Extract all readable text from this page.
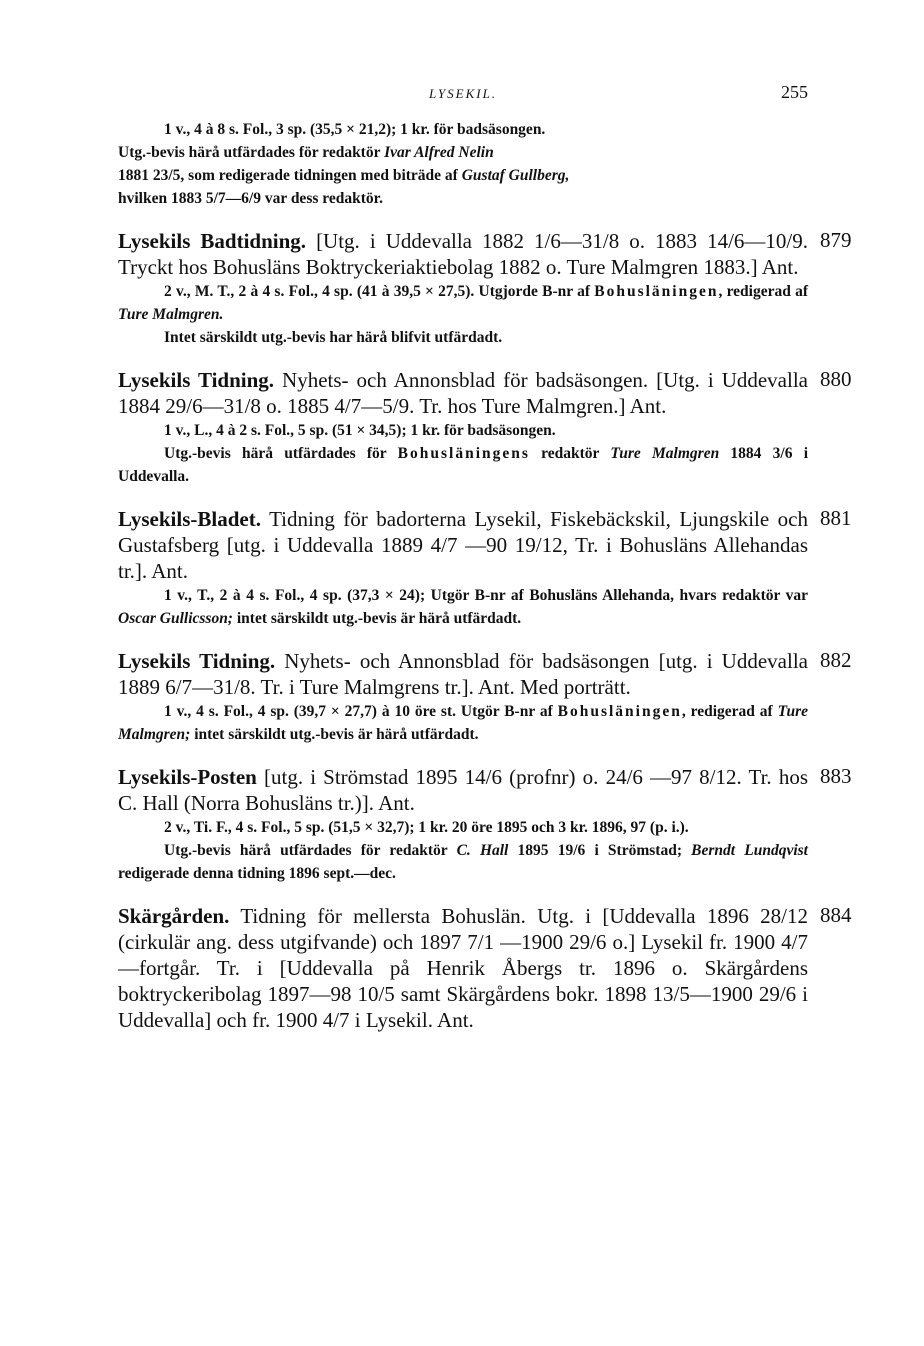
LYSEKIL.	255

1 v., 4 à 8 s. Fol., 3 sp. (35,5 × 21,2); 1 kr. för badsäsongen.

Utg.-bevis härå utfärdades för redaktör Ivar Alfred Nelin

1881 23/5, som redigerade tidningen med biträde af Gustaf Gullberg,

hvilken 1883 5/7—6/9 var dess redaktör.

879

Lysekils Badtidning. [Utg. i Uddevalla 1882 1/6—31/8 o. 1883 14/6—10/9. Tryckt hos Bohusläns Boktryckeriaktiebolag 1882 o. Ture Malmgren 1883.] Ant.

2 v., M. T., 2 à 4 s. Fol., 4 sp. (41 à 39,5 × 27,5). Utgjorde B-nr af Bohusläningen, redigerad af Ture Malmgren.

Intet särskildt utg.-bevis har härå blifvit utfärdadt.

880

Lysekils Tidning. Nyhets- och Annonsblad för badsäsongen. [Utg. i Uddevalla 1884 29/6—31/8 o. 1885 4/7—5/9. Tr. hos Ture Malmgren.] Ant.

1 v., L., 4 à 2 s. Fol., 5 sp. (51 × 34,5); 1 kr. för badsäsongen.

Utg.-bevis härå utfärdades för Bohusläningens redaktör Ture Malmgren 1884 3/6 i Uddevalla.

881

Lysekils-Bladet. Tidning för badorterna Lysekil, Fiskebäckskil, Ljungskile och Gustafsberg [utg. i Uddevalla 1889 4/7 —90 19/12, Tr. i Bohusläns Allehandas tr.]. Ant.

1 v., T., 2 à 4 s. Fol., 4 sp. (37,3 × 24); Utgör B-nr af Bohusläns Allehanda, hvars redaktör var Oscar Gullicsson; intet särskildt utg.-bevis är härå utfärdadt.

882

Lysekils Tidning. Nyhets- och Annonsblad för badsäsongen [utg. i Uddevalla 1889 6/7—31/8. Tr. i Ture Malmgrens tr.]. Ant. Med porträtt.

1 v., 4 s. Fol., 4 sp. (39,7 × 27,7) à 10 öre st. Utgör B-nr af Bohusläningen, redigerad af Ture Malmgren; intet särskildt utg.-bevis är härå utfärdadt.

883

Lysekils-Posten [utg. i Strömstad 1895 14/6 (profnr) o. 24/6 —97 8/12. Tr. hos C. Hall (Norra Bohusläns tr.)]. Ant.

2 v., Ti. F., 4 s. Fol., 5 sp. (51,5 × 32,7); 1 kr. 20 öre 1895 och 3 kr. 1896, 97 (p. i.).

Utg.-bevis härå utfärdades för redaktör C. Hall 1895 19/6 i Strömstad; Berndt Lundqvist redigerade denna tidning 1896 sept.—dec.

884

Skärgården. Tidning för mellersta Bohuslän. Utg. i [Uddevalla 1896 28/12 (cirkulär ang. dess utgifvande) och 1897 7/1 —1900 29/6 o.] Lysekil fr. 1900 4/7—fortgår. Tr. i [Uddevalla på Henrik Åbergs tr. 1896 o. Skärgårdens boktryckeribolag 1897—98 10/5 samt Skärgårdens bokr. 1898 13/5—1900 29/6 i Uddevalla] och fr. 1900 4/7 i Lysekil. Ant.
